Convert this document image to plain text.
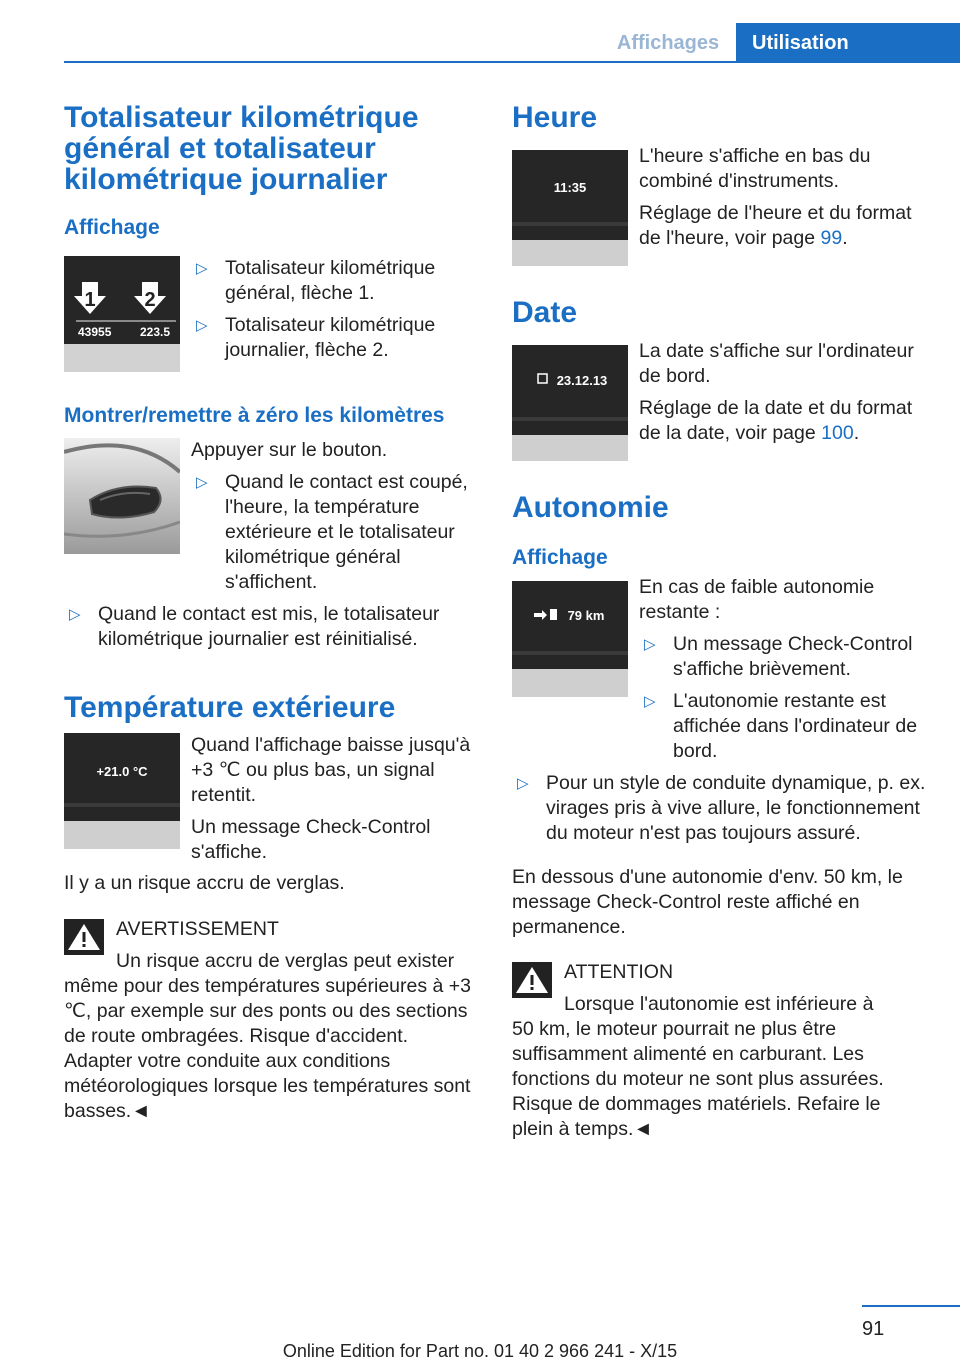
Affichages	Utilisation
Totalisateur kilométrique général et totalisateur kilométrique journalier
Affichage
1 2
43955 223.5
▷ Totalisateur kilométrique général, flèche 1.
▷ Totalisateur kilométrique journalier, flèche 2.
Montrer/remettre à zéro les kilomètres

Appuyer sur le bouton.

▷ Quand le contact est coupé, l'heure, la température extérieure et le totalisateur kilométrique général s'affichent.
▷ Quand le contact est mis, le totalisateur kilométrique journalier est réinitialisé.
Température extérieure
+21.0 °C

Quand l'affichage baisse jusqu'à +3 ℃ ou plus bas, un signal retentit.

Un message Check-Control s'affiche.

Il y a un risque accru de verglas.

AVERTISSEMENT

Un risque accru de verglas peut exister

même pour des températures supérieures à +3 ℃, par exemple sur des ponts ou des sections de route ombragées. Risque d'accident. Adapter votre conduite aux conditions météorologiques lorsque les températures sont basses.◄

Heure
11:35

L'heure s'affiche en bas du combiné d'instruments.

Réglage de l'heure et du format de l'heure, voir page 99.

Date
23.12.13

La date s'affiche sur l'ordinateur de bord.

Réglage de la date et du format de la date, voir page 100.

Autonomie
Affichage
79 km

En cas de faible autonomie restante :

▷ Un message Check-Control s'affiche brièvement.
▷ L'autonomie restante est affichée dans l'ordinateur de bord.
▷ Pour un style de conduite dynamique, p. ex. virages pris à vive allure, le fonctionnement du moteur n'est pas toujours assuré.

En dessous d'une autonomie d'env. 50 km, le message Check-Control reste affiché en permanence.

ATTENTION

Lorsque l'autonomie est inférieure à

50 km, le moteur pourrait ne plus être suffisamment alimenté en carburant. Les fonctions du moteur ne sont plus assurées. Risque de dommages matériels. Refaire le plein à temps.◄

91
Online Edition for Part no. 01 40 2 966 241 - X/15
